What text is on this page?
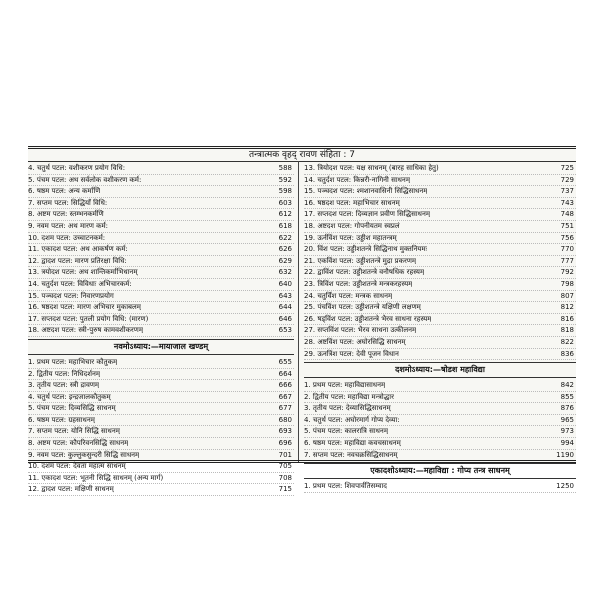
तन्त्रात्मक वृहद् रावण संहिता : 7
4. चतुर्थ पटल: वशीकरण प्रयोग विधि:	588
5. पंचम पटल: अथ सर्वलोक वशीकरण कर्म:	592
6. षष्ठम पटल: अन्य कर्माणि	598
7. सप्तम पटल: सिद्धियाँ विधि:	603
8. अष्टम पटल: स्तम्भनकर्मणि	612
9. नवम पटल: अथ मारण कर्म:	618
10. दशम पटल: उच्चाटनकर्म:	622
11. एकादश पटल: अथ आकर्षण कर्म:	626
12. द्वादश पटल: मारण प्रतिरक्षा विधि:	629
13. त्रयोदश पटल: अथ शान्तिकर्माभिधानम्	632
14. चतुर्दश पटल: विविधाः अभिचारकर्म:	640
15. पञ्चदश पटल: निवारणप्रयोग	643
16. षष्ठदश पटल: मारण अभिचार मुकाबलम्	644
17. सप्तदश पटल: पुतली प्रयोग विधि: (मारण)	646
18. अष्टदश पटल: स्त्री-पुरुष कामवशीकरणम्	653
नवमोऽध्याय:—मायाजाल खण्डम्
1. प्रथम पटल: महाभिचार कौतुकम्	655
2. द्वितीय पटल: निधिदर्शनम्	664
3. तृतीय पटल: स्त्री द्रावणम्	666
4. चतुर्थ पटल: इन्द्रजालकौतुकम्	667
5. पंचम पटल: दिव्यसिद्धि साधनम्	677
6. षष्ठम पटल: ग्रहसाधनम्	680
7. सप्तम पटल: योनि सिद्धि साधनम्	693
8. अष्टम पटल: कौपरिवनसिद्धि साधनम्	696
9. नवम पटल: कुल्लुकसुन्दरी सिद्धि साधनम्	701
10. दशम पटल: देवता महात्म साधनम्	705
11. एकादश पटल: भूतनी सिद्धि साधनम् (अन्य मार्ग)	708
12. द्वादश पटल: मक्षिणी साधनम्	715
13. त्रियोदश पटल: यक्ष साधनम् (बारह साधिका हेतु)	725
14. चतुर्दश पटल: किन्नरी-नागिनी साधनम्	729
15. पञ्चदश पटल: श्मशानवासिनी सिद्धिसाधनम्	737
16. षष्ठदश पटल: महाभिचार साधनम्	743
17. सप्तदश पटल: दिव्यज्ञान प्रवीण सिद्धिसाधनम्	748
18. अष्टदश पटल: गोपनीयतम स्वप्नलं	751
19. ऊर्नविंश पटल: उड्डीश महातन्त्रम्	756
20. विंश पटल: उड्डीशतन्त्रे सिद्धिनाथ मुक्तनियमः	770
21. एकविंश पटल: उड्डीशतन्त्रे मुद्रा प्रकरणम्	777
22. द्वाविंश पटल: उड्डीशतन्त्रे वनौषधिक रहस्यम्	792
23. त्रिविंश पटल: उड्डीशतन्त्रे मन्त्रकरहस्यम्	798
24. चतुर्विंश पटल: मन्त्रक साधनम्	807
25. पंचविंश पटल: उड्डीशतन्त्रे यक्षिणी लक्षणम्	812
26. षड्विंश पटल: उड्डीशतन्त्रे भैरव साधना रहस्यम्	816
27. सप्तविंश पटल: भैरव साधना उत्कीलनम्	818
28. अष्टविंश पटल: अघोरसिद्धि साधनम्	822
29. ऊनत्रिंश पटल: देवी पूजन विधान	836
दशमोऽध्याय:—षोडश महाविद्या
1. प्रथम पटल: महाविद्यासाधनम्	842
2. द्वितीय पटल: महाविद्या मन्त्रोद्धार	855
3. तृतीय पटल: देव्यासिद्धिसाधनम्	876
4. चतुर्थ पटल: अघोरमार्ग गोप्य देव्या:	965
5. पंचम पटल: कालरात्रि साधनम्	973
6. षष्ठम पटल: महाविद्या कवचसाधनम्	994
7. सप्तम पटल: नवचक्रसिद्धिसाधनम्	1190
एकादशोऽध्याय:—महाविद्या : गोप्य तन्त्र साधनम्
1. प्रथम पटल: शिवपार्वतिसम्वाद	1250
